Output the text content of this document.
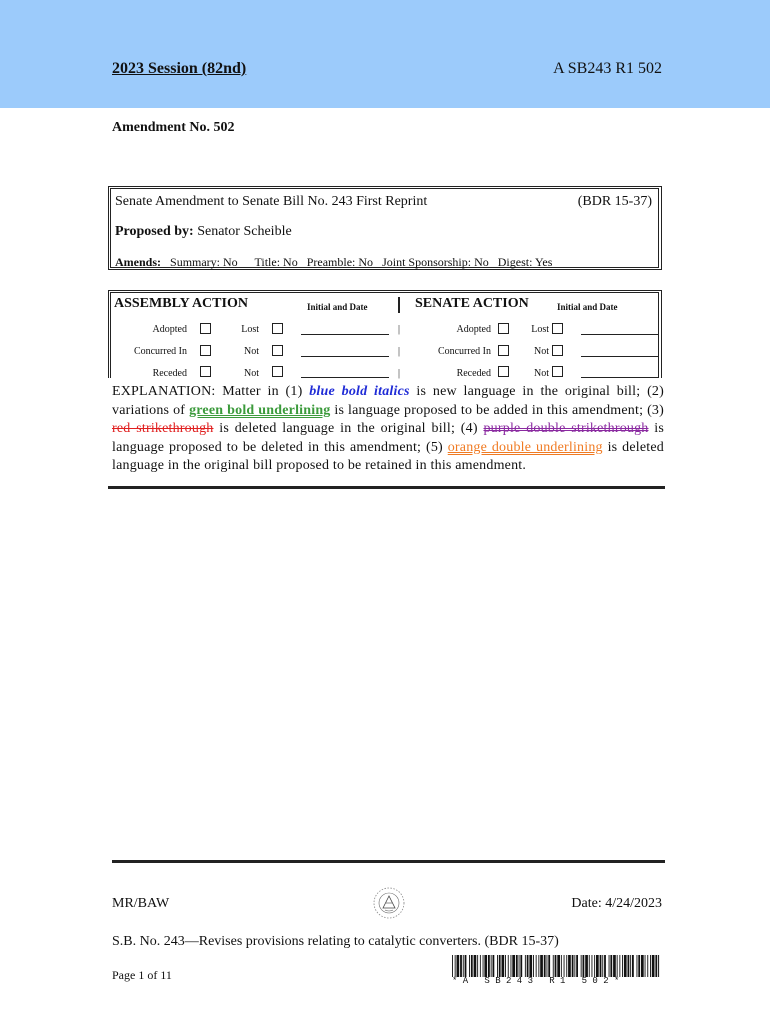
2023 Session (82nd)	A SB243 R1 502
Amendment No. 502
Senate Amendment to Senate Bill No. 243 First Reprint	(BDR 15-37)
Proposed by: Senator Scheible
Amends: Summary: No Title: No Preamble: No Joint Sponsorship: No Digest: Yes
ASSEMBLY ACTION	Initial and Date	SENATE ACTION	Initial and Date
Adopted	Lost	|	Adopted	Lost
Concurred In	Not	|	Concurred In	Not
Receded	Not	|	Receded	Not
EXPLANATION: Matter in (1) blue bold italics is new language in the original bill; (2) variations of green bold underlining is language proposed to be added in this amendment; (3) red strikethrough is deleted language in the original bill; (4) purple double strikethrough is language proposed to be deleted in this amendment; (5) orange double underlining is deleted language in the original bill proposed to be retained in this amendment.
MR/BAW	Date: 4/24/2023
S.B. No. 243—Revises provisions relating to catalytic converters. (BDR 15-37)
Page 1 of 11	*A SB243 R1 502*
